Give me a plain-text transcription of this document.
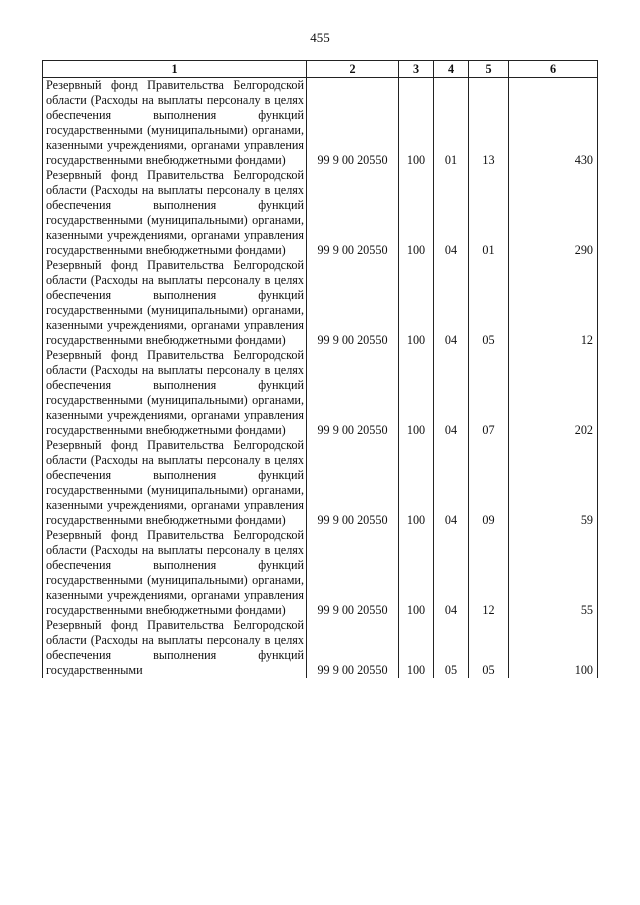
455
1	2	3	4	5	6
Резервный фонд Правительства Белгородской области (Расходы на выплаты персоналу в целях обеспечения выполнения функций государственными (муниципальными) органами, казенными учреждениями, органами управления государственными внебюджетными фондами)	99 9 00 20550	100	01	13	430
Резервный фонд Правительства Белгородской области (Расходы на выплаты персоналу в целях обеспечения выполнения функций государственными (муниципальными) органами, казенными учреждениями, органами управления государственными внебюджетными фондами)	99 9 00 20550	100	04	01	290
Резервный фонд Правительства Белгородской области (Расходы на выплаты персоналу в целях обеспечения выполнения функций государственными (муниципальными) органами, казенными учреждениями, органами управления государственными внебюджетными фондами)	99 9 00 20550	100	04	05	12
Резервный фонд Правительства Белгородской области (Расходы на выплаты персоналу в целях обеспечения выполнения функций государственными (муниципальными) органами, казенными учреждениями, органами управления государственными внебюджетными фондами)	99 9 00 20550	100	04	07	202
Резервный фонд Правительства Белгородской области (Расходы на выплаты персоналу в целях обеспечения выполнения функций государственными (муниципальными) органами, казенными учреждениями, органами управления государственными внебюджетными фондами)	99 9 00 20550	100	04	09	59
Резервный фонд Правительства Белгородской области (Расходы на выплаты персоналу в целях обеспечения выполнения функций государственными (муниципальными) органами, казенными учреждениями, органами управления государственными внебюджетными фондами)	99 9 00 20550	100	04	12	55
Резервный фонд Правительства Белгородской области (Расходы на выплаты персоналу в целях обеспечения выполнения функций государственными	99 9 00 20550	100	05	05	100
